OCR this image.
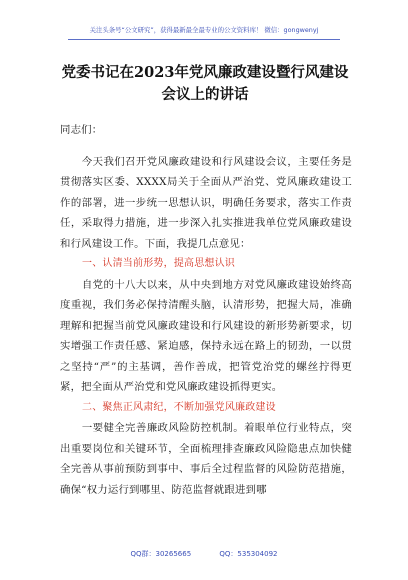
关注头条号“公文研究”，获得最新最全最专业的公文资料库！ 微信：gongwenyj
党委书记在2023年党风廉政建设暨行风建设会议上的讲话

同志们：

今天我们召开党风廉政建设和行风建设会议，主要任务是贯彻落实区委、XXXX局关于全面从严治党、党风廉政建设工作的部署，进一步统一思想认识，明确任务要求，落实工作责任，采取得力措施，进一步深入扎实推进我单位党风廉政建设和行风建设工作。下面，我提几点意见：

一、认清当前形势，提高思想认识

自党的十八大以来，从中央到地方对党风廉政建设始终高度重视，我们务必保持清醒头脑，认清形势，把握大局，准确理解和把握当前党风廉政建设和行风建设的新形势新要求，切实增强工作责任感、紧迫感，保持永远在路上的韧劲，一以贯之坚持“严”的主基调，善作善成，把管党治党的螺丝拧得更紧，把全面从严治党和党风廉政建设抓得更实。

二、聚焦正风肃纪，不断加强党风廉政建设

一要健全完善廉政风险防控机制。着眼单位行业特点，突出重要岗位和关键环节，全面梳理排查廉政风险隐患点加快健全完善从事前预防到事中、事后全过程监督的风险防范措施，确保“权力运行到哪里、防范监督就跟进到哪

QQ群：30265665	QQ：535304092
